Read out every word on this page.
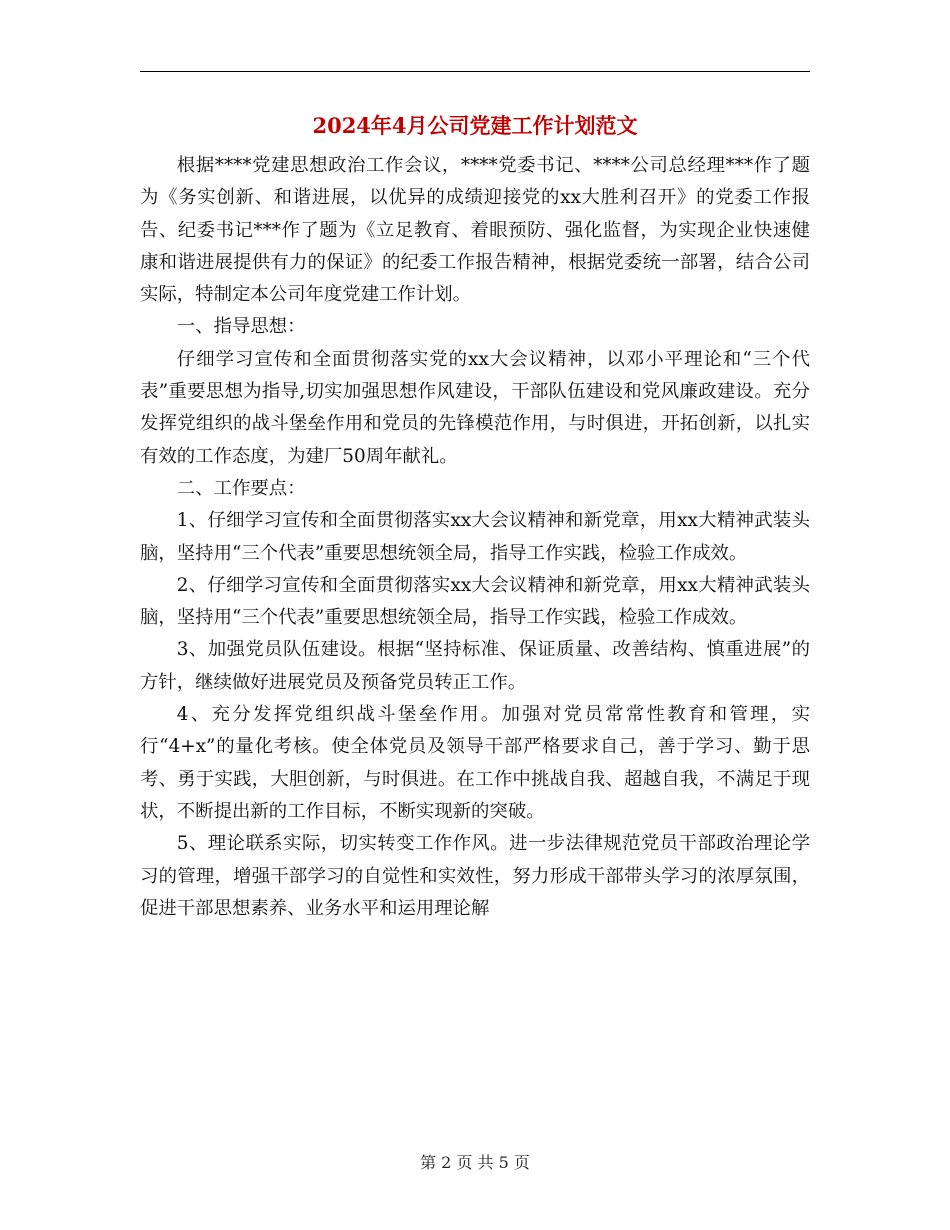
2024年4月公司党建工作计划范文

根据****党建思想政治工作会议，****党委书记、****公司总经理***作了题为《务实创新、和谐进展，以优异的成绩迎接党的xx大胜利召开》的党委工作报告、纪委书记***作了题为《立足教育、着眼预防、强化监督，为实现企业快速健康和谐进展提供有力的保证》的纪委工作报告精神，根据党委统一部署，结合公司实际，特制定本公司年度党建工作计划。

一、指导思想：

仔细学习宣传和全面贯彻落实党的xx大会议精神，以邓小平理论和“三个代表”重要思想为指导,切实加强思想作风建设，干部队伍建设和党风廉政建设。充分发挥党组织的战斗堡垒作用和党员的先锋模范作用，与时俱进，开拓创新，以扎实有效的工作态度，为建厂50周年献礼。

二、工作要点：

1、仔细学习宣传和全面贯彻落实xx大会议精神和新党章，用xx大精神武装头脑，坚持用“三个代表”重要思想统领全局，指导工作实践，检验工作成效。

2、仔细学习宣传和全面贯彻落实xx大会议精神和新党章，用xx大精神武装头脑，坚持用“三个代表”重要思想统领全局，指导工作实践，检验工作成效。

3、加强党员队伍建设。根据“坚持标准、保证质量、改善结构、慎重进展”的方针，继续做好进展党员及预备党员转正工作。

4、充分发挥党组织战斗堡垒作用。加强对党员常常性教育和管理，实行“4+x”的量化考核。使全体党员及领导干部严格要求自己，善于学习、勤于思考、勇于实践，大胆创新，与时俱进。在工作中挑战自我、超越自我，不满足于现状，不断提出新的工作目标，不断实现新的突破。

5、理论联系实际，切实转变工作作风。进一步法律规范党员干部政治理论学习的管理，增强干部学习的自觉性和实效性，努力形成干部带头学习的浓厚氛围，促进干部思想素养、业务水平和运用理论解

第 2 页 共 5 页
